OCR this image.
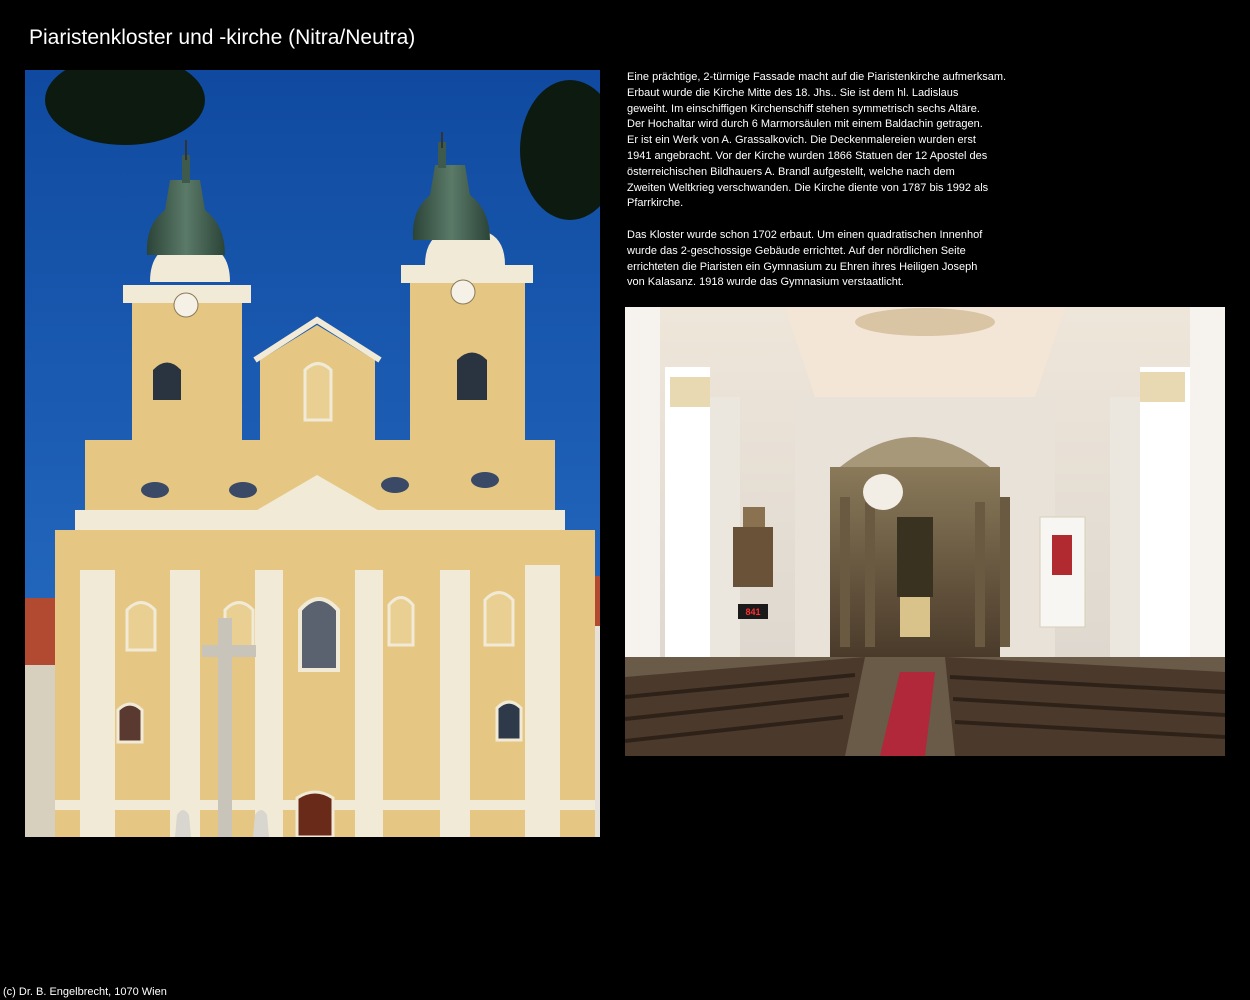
Piaristenkloster und -kirche (Nitra/Neutra)
Eine prächtige, 2-türmige Fassade macht auf die Piaristenkirche aufmerksam.
Erbaut wurde die Kirche Mitte des 18. Jhs.. Sie ist dem hl. Ladislaus
geweiht. Im einschiffigen Kirchenschiff stehen symmetrisch sechs Altäre.
Der Hochaltar wird durch 6 Marmorsäulen mit einem Baldachin getragen.
Er ist ein Werk von A. Grassalkovich. Die Deckenmalereien wurden erst
1941 angebracht. Vor der Kirche wurden 1866 Statuen der 12 Apostel des
österreichischen Bildhauers A. Brandl aufgestellt, welche nach dem
Zweiten Weltkrieg verschwanden. Die Kirche diente von 1787 bis 1992 als
Pfarrkirche.
Das Kloster wurde schon 1702 erbaut. Um einen quadratischen Innenhof
wurde das 2-geschossige Gebäude errichtet. Auf der nördlichen Seite
errichteten die Piaristen ein Gymnasium zu Ehren ihres Heiligen Joseph
von Kalasanz. 1918 wurde das Gymnasium verstaatlicht.
841
(c) Dr. B. Engelbrecht, 1070 Wien
